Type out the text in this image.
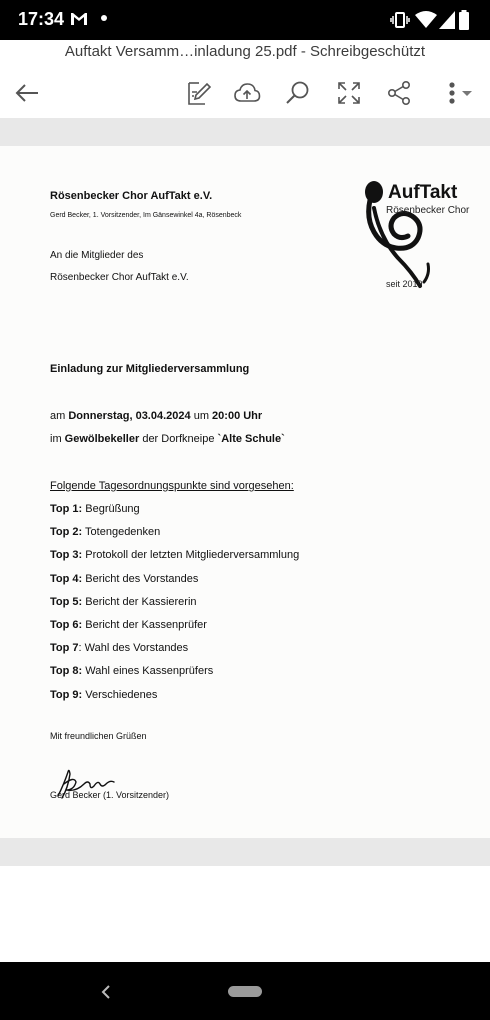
17:34
Auftakt Versamm…inladung 25.pdf - Schreibgeschützt
Rösenbecker Chor AufTakt e.V.
Gerd Becker, 1. Vorsitzender, Im Gänsewinkel 4a, Rösenbeck
An die Mitglieder des
Rösenbecker Chor AufTakt e.V.
AufTakt
Rösenbecker Chor
seit 2019
Einladung zur Mitgliederversammlung
am Donnerstag, 03.04.2024 um 20:00 Uhr
im Gewölbekeller der Dorfkneipe `Alte Schule`
Folgende Tagesordnungspunkte sind vorgesehen:
Top 1: Begrüßung
Top 2: Totengedenken
Top 3: Protokoll der letzten Mitgliederversammlung
Top 4: Bericht des Vorstandes
Top 5: Bericht der Kassiererin
Top 6: Bericht der Kassenprüfer
Top 7: Wahl des Vorstandes
Top 8: Wahl eines Kassenprüfers
Top 9: Verschiedenes
Mit freundlichen Grüßen
Gerd Becker (1. Vorsitzender)
